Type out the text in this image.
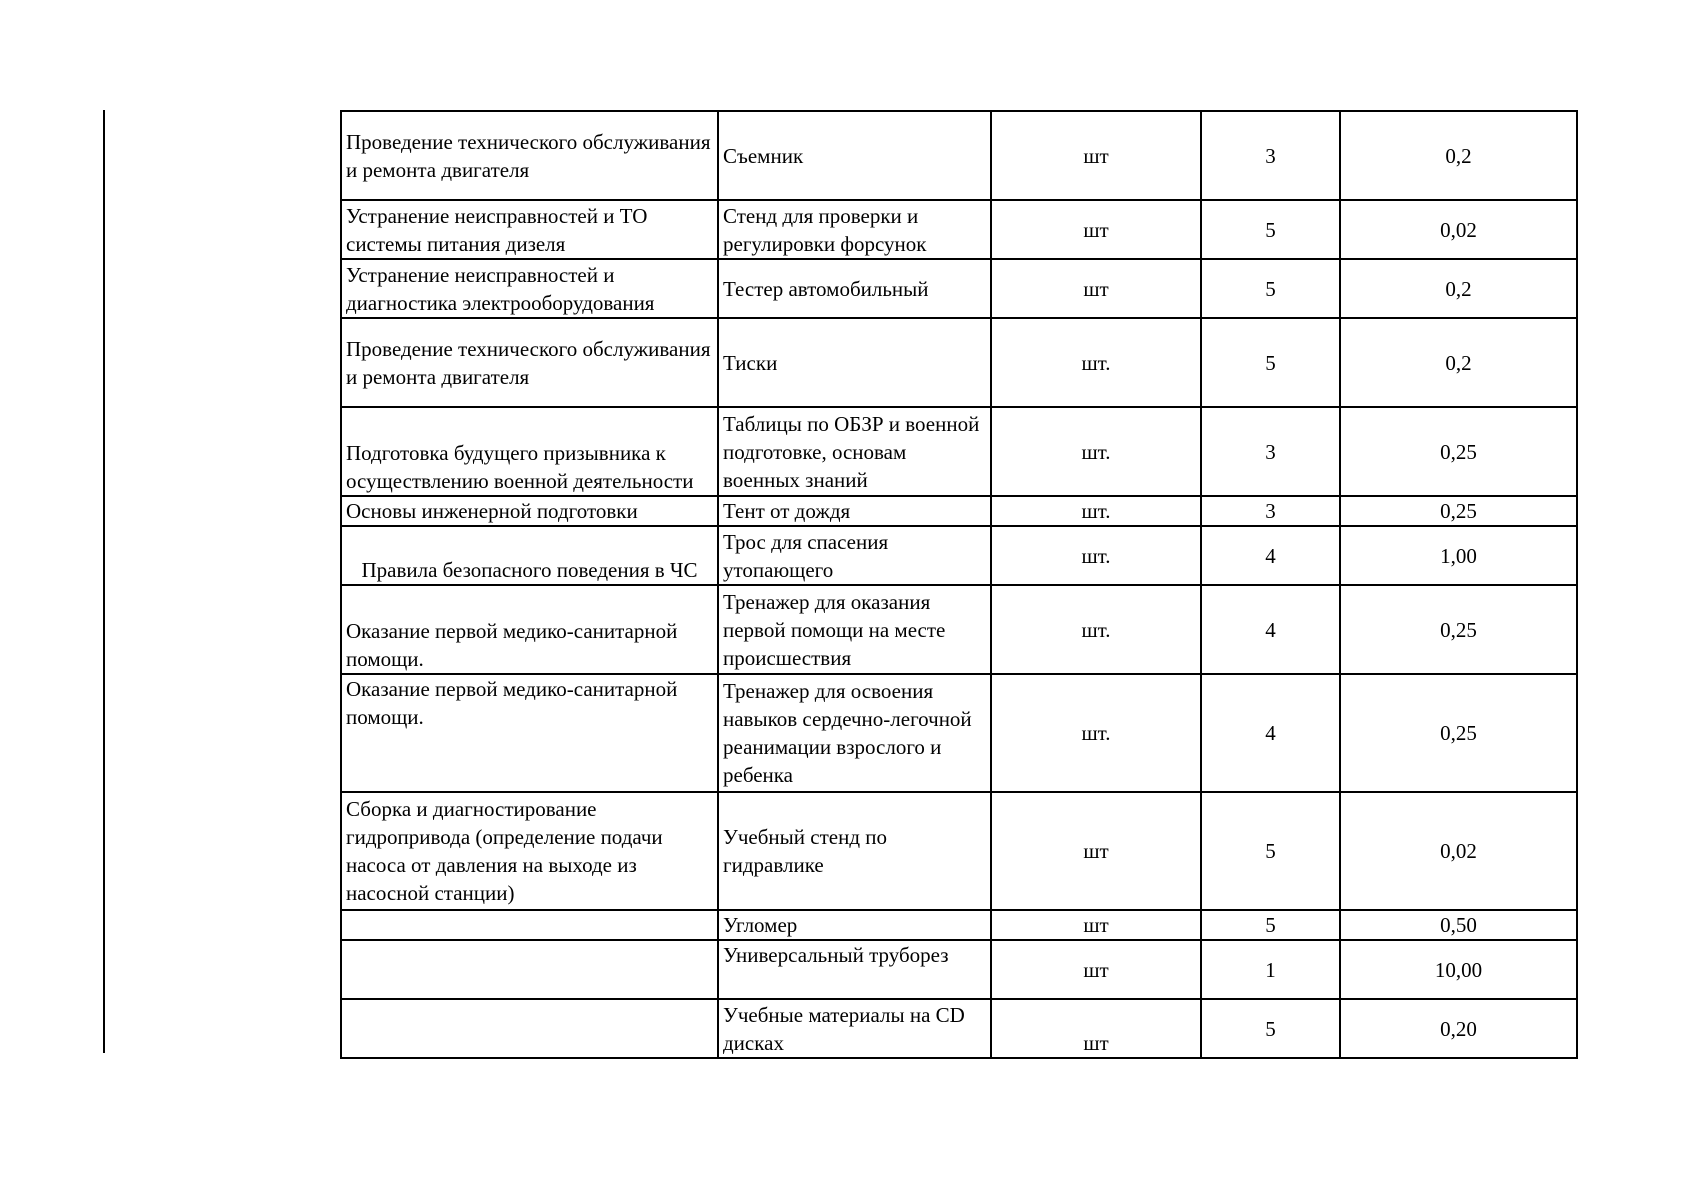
Проведение технического обслуживания и ремонта двигателя	Съемник	шт	3	0,2
Устранение неисправностей и ТО системы питания дизеля	Стенд для проверки и регулировки форсунок	шт	5	0,02
Устранение неисправностей и диагностика электрооборудования	Тестер автомобильный	шт	5	0,2
Проведение технического обслуживания и ремонта двигателя	Тиски	шт.	5	0,2
Подготовка будущего призывника к осуществлению военной деятельности	Таблицы по ОБЗР и военной подготовке, основам военных знаний	шт.	3	0,25
Основы инженерной подготовки	Тент от дождя	шт.	3	0,25
Правила безопасного поведения в ЧС	Трос для спасения утопающего	шт.	4	1,00
Оказание первой медико-санитарной помощи.	Тренажер для оказания первой помощи на месте происшествия	шт.	4	0,25
Оказание первой медико-санитарной помощи.	Тренажер для освоения навыков сердечно-легочной реанимации взрослого и ребенка	шт.	4	0,25
Сборка и диагностирование гидропривода (определение подачи насоса от давления на выходе из насосной станции)	Учебный стенд по гидравлике	шт	5	0,02
	Угломер	шт	5	0,50
	Универсальный труборез	шт	1	10,00
	Учебные материалы на CD дисках	шт	5	0,20
